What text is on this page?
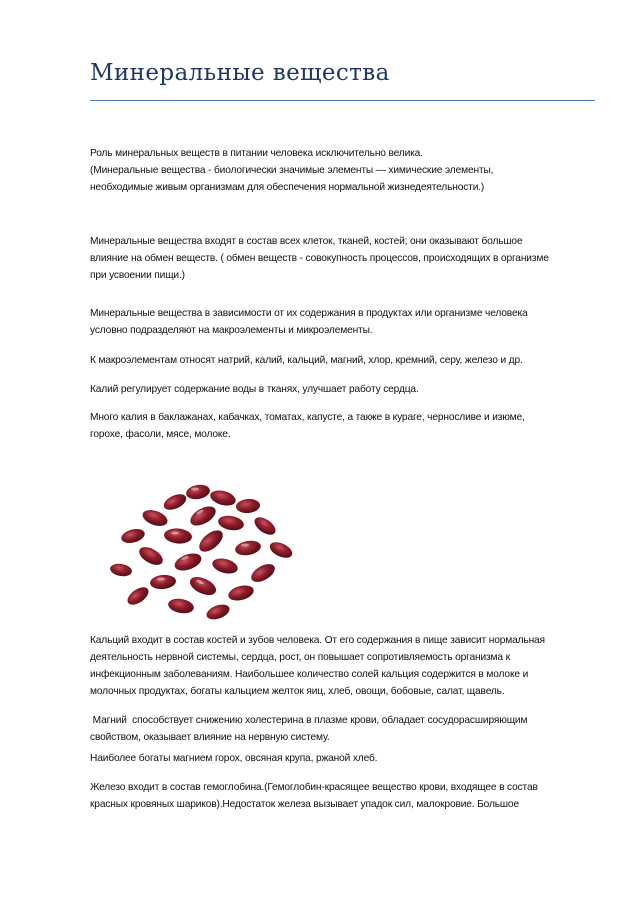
Минеральные вещества
Роль минеральных веществ в питании человека исключительно велика.
(Минеральные вещества - биологически значимые элементы — химические элементы,
необходимые живым организмам для обеспечения нормальной жизнедеятельности.)
Минеральные вещества входят в состав всех клеток, тканей, костей; они оказывают большое
влияние на обмен веществ. ( обмен веществ - совокупность процессов, происходящих в организме
при усвоении пищи.)
Минеральные вещества в зависимости от их содержания в продуктах или организме человека
условно подразделяют на макроэлементы и микроэлементы.
К макроэлементам относят натрий, калий, кальций, магний, хлор, кремний, серу, железо и др.
Калий регулирует содержание воды в тканях, улучшает работу сердца.
Много калия в баклажанах, кабачках, томатах, капусте, а также в кураге, черносливе и изюме,
горохе, фасоли, мясе, молоке.
Кальций входит в состав костей и зубов человека. От его содержания в пище зависит нормальная
деятельность нервной системы, сердца, рост, он повышает сопротивляемость организма к
инфекционным заболеваниям. Наибольшее количество солей кальция содержится в молоке и
молочных продуктах, богаты кальцием желток яиц, хлеб, овощи, бобовые, салат, щавель.
Магний  способствует снижению холестерина в плазме крови, обладает сосудорасширяющим
свойством, оказывает влияние на нервную систему.
Наиболее богаты магнием горох, овсяная крупа, ржаной хлеб.
Железо входит в состав гемоглобина.(Гемоглобин-красящее вещество крови, входящее в состав
красных кровяных шариков).Недостаток железа вызывает упадок сил, малокровие. Большое
